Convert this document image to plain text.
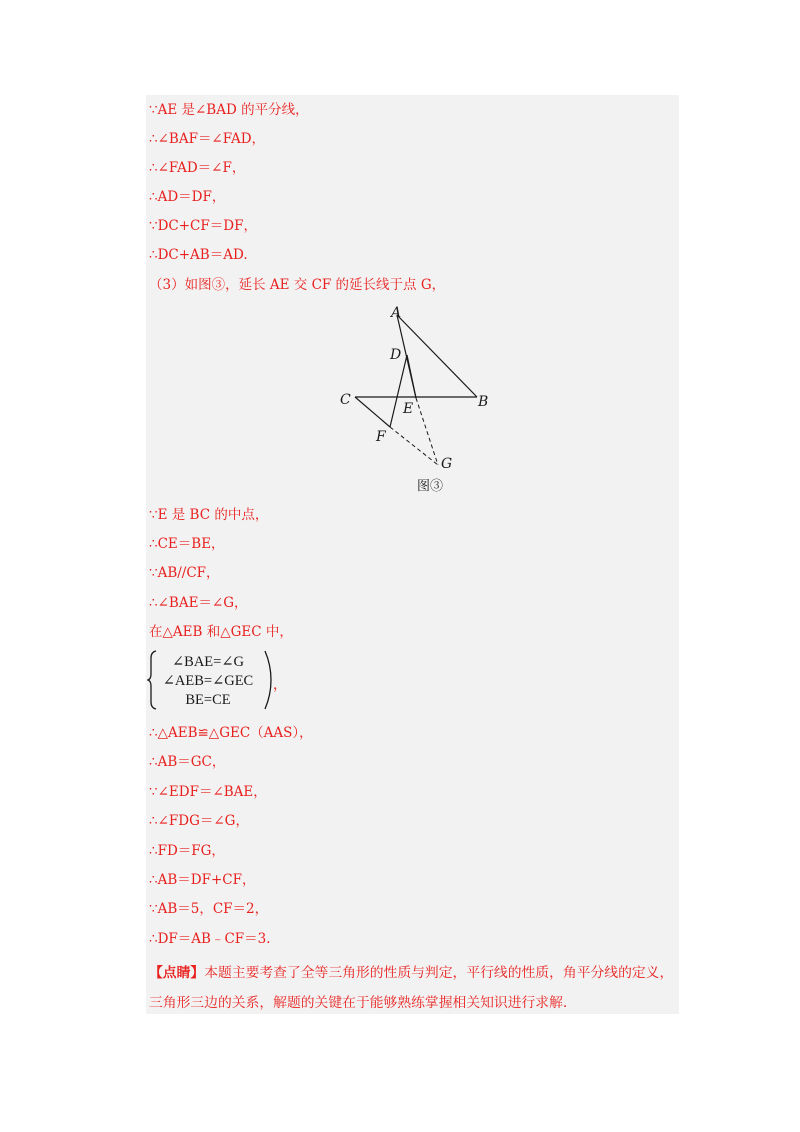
∵AE 是∠BAD 的平分线，
∴∠BAF＝∠FAD，
∴∠FAD＝∠F，
∴AD＝DF，
∵DC+CF＝DF，
∴DC+AB＝AD.
（3）如图③，延长 AE 交 CF 的延长线于点 G，
A
D
C	B
E
F
G
图③
∵E 是 BC 的中点，
∴CE＝BE，
∵AB//CF，
∴∠BAE＝∠G，
在△AEB 和△GEC 中，
∠BAE=∠G
∠AEB=∠GEC
BE=CE
，
∴△AEB≌△GEC（AAS），
∴AB＝GC，
∵∠EDF＝∠BAE，
∴∠FDG＝∠G，
∴FD＝FG，
∴AB＝DF+CF，
∵AB＝5，CF＝2，
∴DF＝AB﹣CF＝3.
【点睛】本题主要考查了全等三角形的性质与判定，平行线的性质，角平分线的定义，三角形三边的关系，解题的关键在于能够熟练掌握相关知识进行求解.
